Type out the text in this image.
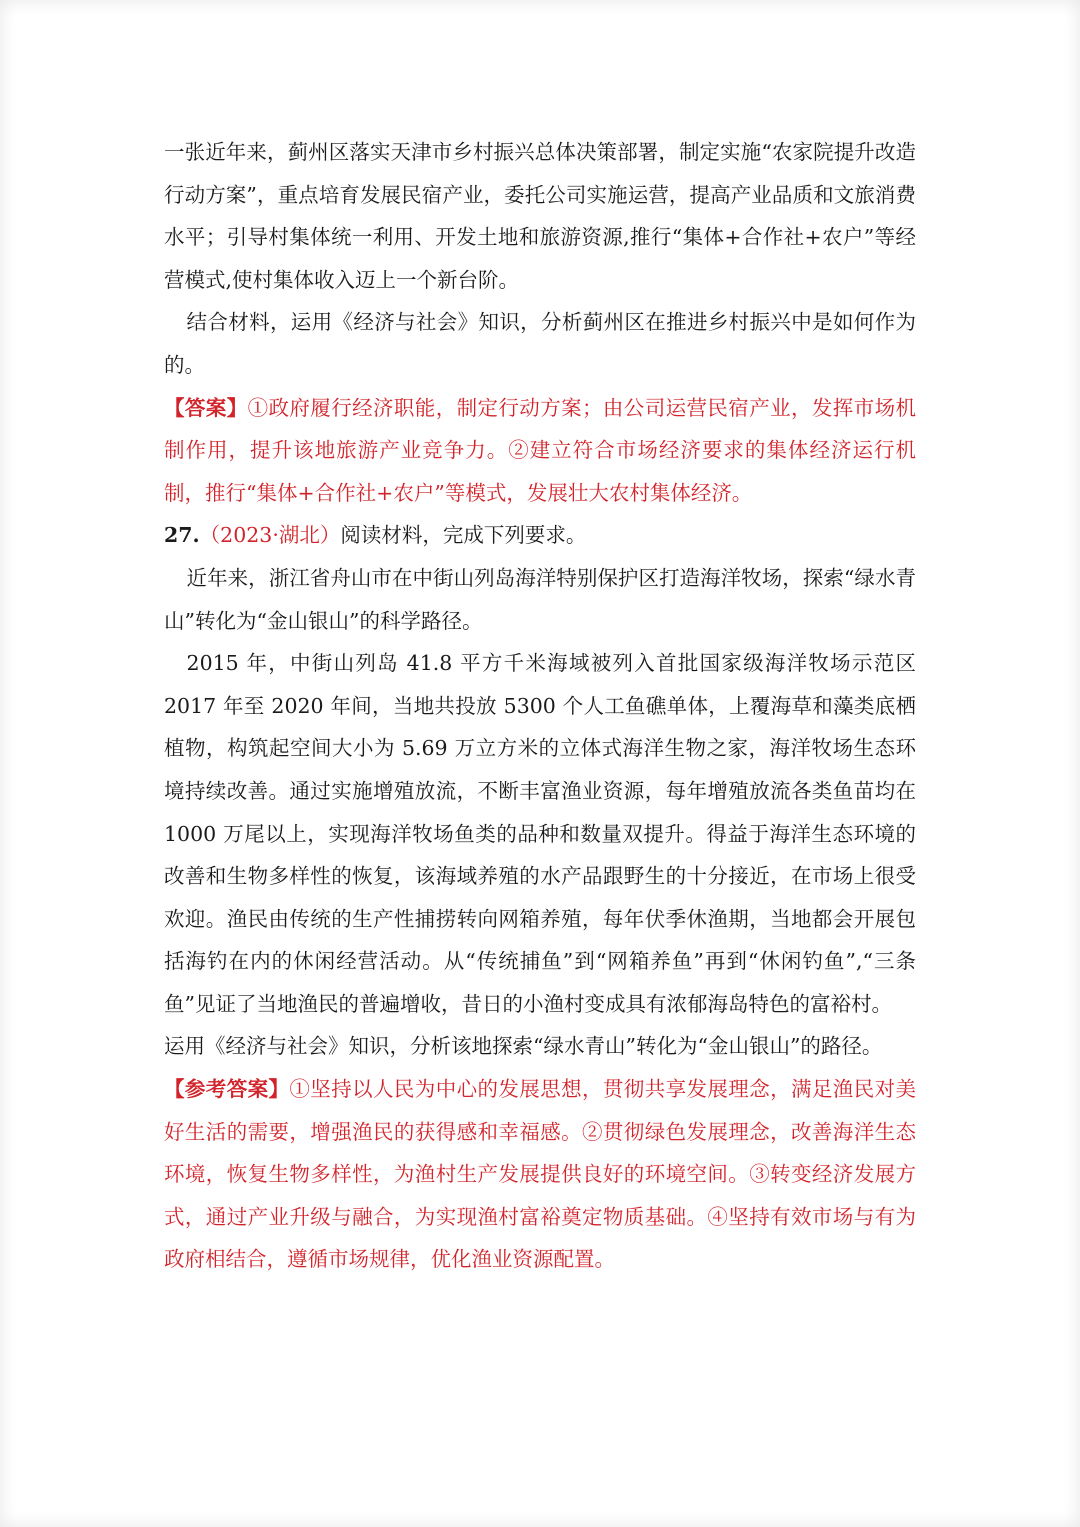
一张近年来，蓟州区落实天津市乡村振兴总体决策部署，制定实施“农家院提升改造行动方案”，重点培育发展民宿产业，委托公司实施运营，提高产业品质和文旅消费水平；引导村集体统一利用、开发土地和旅游资源,推行“集体+合作社+农户”等经营模式,使村集体收入迈上一个新台阶。

结合材料，运用《经济与社会》知识，分析蓟州区在推进乡村振兴中是如何作为的。

【答案】①政府履行经济职能，制定行动方案；由公司运营民宿产业，发挥市场机制作用，提升该地旅游产业竞争力。②建立符合市场经济要求的集体经济运行机制，推行“集体+合作社+农户”等模式，发展壮大农村集体经济。

27.（2023·湖北）阅读材料，完成下列要求。

近年来，浙江省舟山市在中街山列岛海洋特别保护区打造海洋牧场，探索“绿水青山”转化为“金山银山”的科学路径。

2015 年，中街山列岛 41.8 平方千米海域被列入首批国家级海洋牧场示范区 2017 年至 2020 年间，当地共投放 5300 个人工鱼礁单体，上覆海草和藻类底栖植物，构筑起空间大小为 5.69 万立方米的立体式海洋生物之家，海洋牧场生态环境持续改善。通过实施增殖放流，不断丰富渔业资源，每年增殖放流各类鱼苗均在 1000 万尾以上，实现海洋牧场鱼类的品种和数量双提升。得益于海洋生态环境的改善和生物多样性的恢复，该海域养殖的水产品跟野生的十分接近，在市场上很受欢迎。渔民由传统的生产性捕捞转向网箱养殖，每年伏季休渔期，当地都会开展包括海钓在内的休闲经营活动。从“传统捕鱼”到“网箱养鱼”再到“休闲钓鱼”,“三条鱼”见证了当地渔民的普遍增收，昔日的小渔村变成具有浓郁海岛特色的富裕村。

运用《经济与社会》知识，分析该地探索“绿水青山”转化为“金山银山”的路径。

【参考答案】①坚持以人民为中心的发展思想，贯彻共享发展理念，满足渔民对美好生活的需要，增强渔民的获得感和幸福感。②贯彻绿色发展理念，改善海洋生态环境，恢复生物多样性，为渔村生产发展提供良好的环境空间。③转变经济发展方式，通过产业升级与融合，为实现渔村富裕奠定物质基础。④坚持有效市场与有为政府相结合，遵循市场规律，优化渔业资源配置。
